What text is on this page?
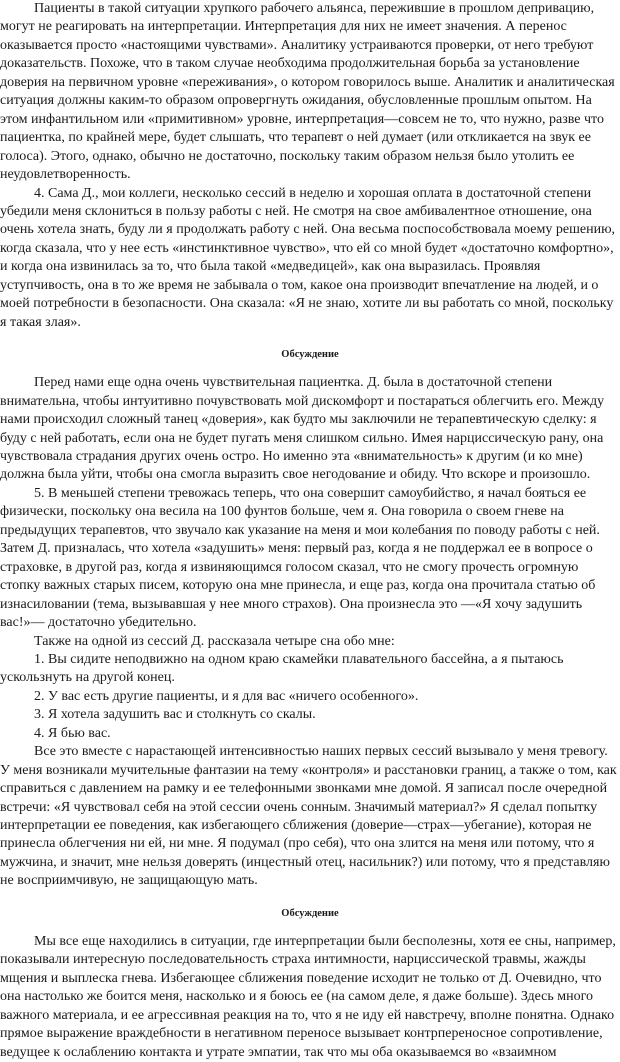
Пациенты в такой ситуации хрупкого рабочего альянса, пережившие в прошлом депривацию,
могут не реагировать на интерпретации. Интерпретация для них не имеет значения. А перенос
оказывается просто «настоящими чувствами». Аналитику устраиваются проверки, от него требуют
доказательств. Похоже, что в таком случае необходима продолжительная борьба за установление
доверия на первичном уровне «переживания», о котором говорилось выше. Аналитик и аналитическая
ситуация должны каким-то образом опровергнуть ожидания, обусловленные прошлым опытом. На
этом инфантильном или «примитивном» уровне, интерпретация—совсем не то, что нужно, разве что
пациентка, по крайней мере, будет слышать, что терапевт о ней думает (или откликается на звук ее
голоса). Этого, однако, обычно не достаточно, поскольку таким образом нельзя было утолить ее
неудовлетворенность.
4. Сама Д., мои коллеги, несколько сессий в неделю и хорошая оплата в достаточной степени
убедили меня склониться в пользу работы с ней. Не смотря на свое амбивалентное отношение, она
очень хотела знать, буду ли я продолжать работу с ней. Она весьма поспособствовала моему решению,
когда сказала, что у нее есть «инстинктивное чувство», что ей со мной будет «достаточно комфортно»,
и когда она извинилась за то, что была такой «медведицей», как она выразилась. Проявляя
уступчивость, она в то же время не забывала о том, какое она производит впечатление на людей, и о
моей потребности в безопасности. Она сказала: «Я не знаю, хотите ли вы работать со мной, поскольку
я такая злая».
Обсуждение
Перед нами еще одна очень чувствительная пациентка. Д. была в достаточной степени
внимательна, чтобы интуитивно почувствовать мой дискомфорт и постараться облегчить его. Между
нами происходил сложный танец «доверия», как будто мы заключили не терапевтическую сделку: я
буду с ней работать, если она не будет пугать меня слишком сильно. Имея нарциссическую рану, она
чувствовала страдания других очень остро. Но именно эта «внимательность» к другим (и ко мне)
должна была уйти, чтобы она смогла выразить свое негодование и обиду. Что вскоре и произошло.
5. В меньшей степени тревожась теперь, что она совершит самоубийство, я начал бояться ее
физически, поскольку она весила на 100 фунтов больше, чем я. Она говорила о своем гневе на
предыдущих терапевтов, что звучало как указание на меня и мои колебания по поводу работы с ней.
Затем Д. призналась, что хотела «задушить» меня: первый раз, когда я не поддержал ее в вопросе о
страховке, в другой раз, когда я извиняющимся голосом сказал, что не смогу прочесть огромную
стопку важных старых писем, которую она мне принесла, и еще раз, когда она прочитала статью об
изнасиловании (тема, вызывавшая у нее много страхов). Она произнесла это —«Я хочу задушить
вас!»— достаточно убедительно.
Также на одной из сессий Д. рассказала четыре сна обо мне:
1. Вы сидите неподвижно на одном краю скамейки плавательного бассейна, а я пытаюсь
ускользнуть на другой конец.
2. У вас есть другие пациенты, и я для вас «ничего особенного».
3. Я хотела задушить вас и столкнуть со скалы.
4. Я бью вас.
Все это вместе с нарастающей интенсивностью наших первых сессий вызывало у меня тревогу.
У меня возникали мучительные фантазии на тему «контроля» и расстановки границ, а также о том, как
справиться с давлением на рамку и ее телефонными звонками мне домой. Я записал после очередной
встречи: «Я чувствовал себя на этой сессии очень сонным. Значимый материал?» Я сделал попытку
интерпретации ее поведения, как избегающего сближения (доверие—страх—убегание), которая не
принесла облегчения ни ей, ни мне. Я подумал (про себя), что она злится на меня или потому, что я
мужчина, и значит, мне нельзя доверять (инцестный отец, насильник?) или потому, что я представляю
не восприимчивую, не защищающую мать.
Обсуждение
Мы все еще находились в ситуации, где интерпретации были бесполезны, хотя ее сны, например,
показывали интересную последовательность страха интимности, нарциссической травмы, жажды
мщения и выплеска гнева. Избегающее сближения поведение исходит не только от Д. Очевидно, что
она настолько же боится меня, насколько и я боюсь ее (на самом деле, я даже больше). Здесь много
важного материала, и ее агрессивная реакция на то, что я не иду ей навстречу, вполне понятна. Однако
прямое выражение враждебности в негативном переносе вызывает контрпереносное сопротивление,
ведущее к ослаблению контакта и утрате эмпатии, так что мы оба оказываемся во «взаимном
